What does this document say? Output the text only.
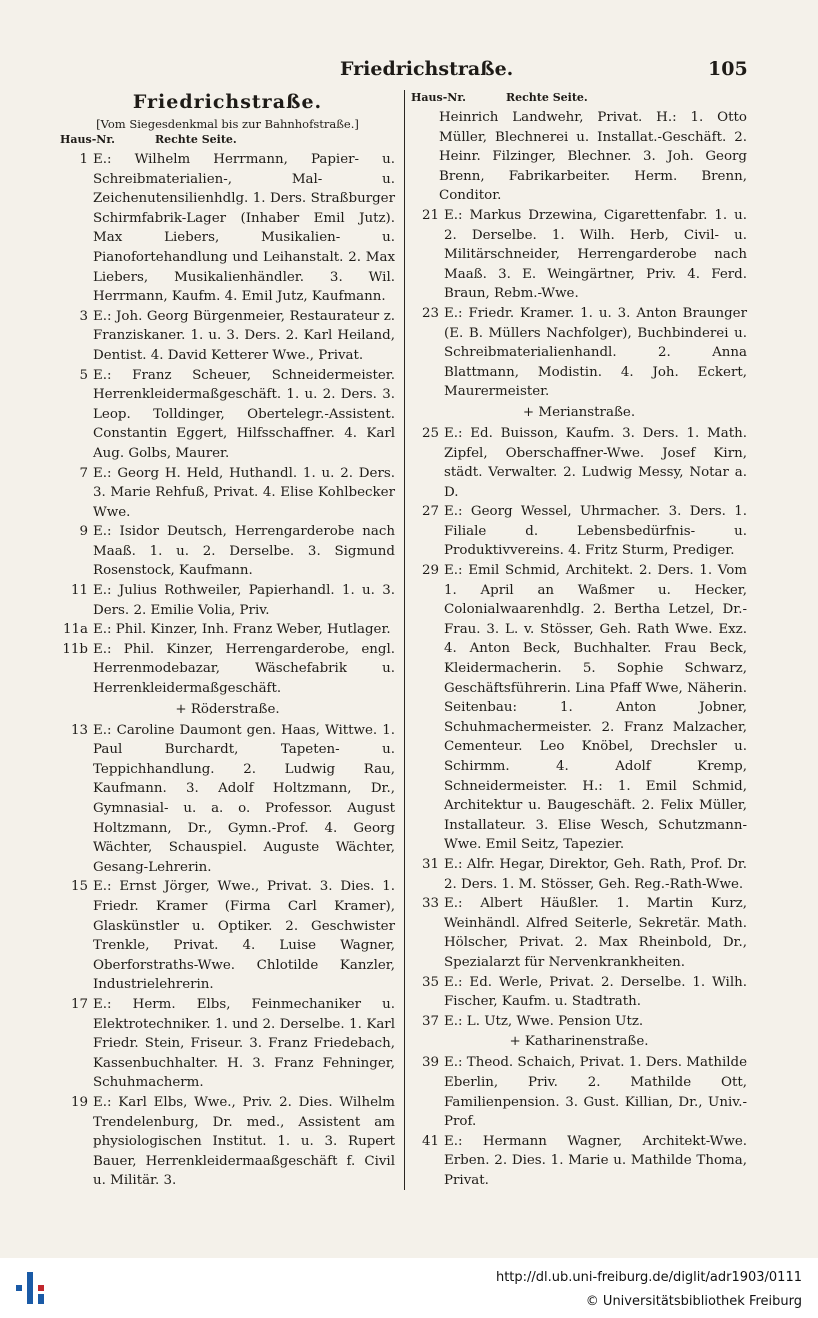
Friedrichstraße.	105
Friedrichstraße.
[Vom Siegesdenkmal bis zur Bahnhofstraße.]
Haus-Nr.	Rechte Seite.
1 E.: Wilhelm Herrmann, Papier- u. Schreibmaterialien-, Mal- u. Zeichenutensilienhdlg. 1. Ders. Straßburger Schirmfabrik-Lager (Inhaber Emil Jutz). Max Liebers, Musikalien- u. Pianofortehandlung und Leihanstalt. 2. Max Liebers, Musikalienhändler. 3. Wil. Herrmann, Kaufm. 4. Emil Jutz, Kaufmann.
3 E.: Joh. Georg Bürgenmeier, Restaurateur z. Franziskaner. 1. u. 3. Ders. 2. Karl Heiland, Dentist. 4. David Ketterer Wwe., Privat.
5 E.: Franz Scheuer, Schneidermeister. Herrenkleidermaßgeschäft. 1. u. 2. Ders. 3. Leop. Tolldinger, Obertelegr.-Assistent. Constantin Eggert, Hilfsschaffner. 4. Karl Aug. Golbs, Maurer.
7 E.: Georg H. Held, Huthandl. 1. u. 2. Ders. 3. Marie Rehfuß, Privat. 4. Elise Kohlbecker Wwe.
9 E.: Isidor Deutsch, Herrengarderobe nach Maaß. 1. u. 2. Derselbe. 3. Sigmund Rosenstock, Kaufmann.
11 E.: Julius Rothweiler, Papierhandl. 1. u. 3. Ders. 2. Emilie Volia, Priv.
11a E.: Phil. Kinzer, Inh. Franz Weber, Hutlager.
11b E.: Phil. Kinzer, Herrengarderobe, engl. Herrenmodebazar, Wäschefabrik u. Herrenkleidermaßgeschäft.
+ Röderstraße.
13 E.: Caroline Daumont gen. Haas, Wittwe. 1. Paul Burchardt, Tapeten- u. Teppichhandlung. 2. Ludwig Rau, Kaufmann. 3. Adolf Holtzmann, Dr., Gymnasial- u. a. o. Professor. August Holtzmann, Dr., Gymn.-Prof. 4. Georg Wächter, Schauspiel. Auguste Wächter, Gesang-Lehrerin.
15 E.: Ernst Jörger, Wwe., Privat. 3. Dies. 1. Friedr. Kramer (Firma Carl Kramer), Glaskünstler u. Optiker. 2. Geschwister Trenkle, Privat. 4. Luise Wagner, Oberforstraths-Wwe. Chlotilde Kanzler, Industrielehrerin.
17 E.: Herm. Elbs, Feinmechaniker u. Elektrotechniker. 1. und 2. Derselbe. 1. Karl Friedr. Stein, Friseur. 3. Franz Friedebach, Kassenbuchhalter. H. 3. Franz Fehninger, Schuhmacherm.
19 E.: Karl Elbs, Wwe., Priv. 2. Dies. Wilhelm Trendelenburg, Dr. med., Assistent am physiologischen Institut. 1. u. 3. Rupert Bauer, Herrenkleidermaaßgeschäft f. Civil u. Militär. 3.
Haus-Nr.	Rechte Seite.
Heinrich Landwehr, Privat. H.: 1. Otto Müller, Blechnerei u. Installat.-Geschäft. 2. Heinr. Filzinger, Blechner. 3. Joh. Georg Brenn, Fabrikarbeiter. Herm. Brenn, Conditor.
21 E.: Markus Drzewina, Cigarettenfabr. 1. u. 2. Derselbe. 1. Wilh. Herb, Civil- u. Militärschneider, Herrengarderobe nach Maaß. 3. E. Weingärtner, Priv. 4. Ferd. Braun, Rebm.-Wwe.
23 E.: Friedr. Kramer. 1. u. 3. Anton Braunger (E. B. Müllers Nachfolger), Buchbinderei u. Schreibmaterialienhandl. 2. Anna Blattmann, Modistin. 4. Joh. Eckert, Maurermeister.
+ Merianstraße.
25 E.: Ed. Buisson, Kaufm. 3. Ders. 1. Math. Zipfel, Oberschaffner-Wwe. Josef Kirn, städt. Verwalter. 2. Ludwig Messy, Notar a. D.
27 E.: Georg Wessel, Uhrmacher. 3. Ders. 1. Filiale d. Lebensbedürfnis- u. Produktivvereins. 4. Fritz Sturm, Prediger.
29 E.: Emil Schmid, Architekt. 2. Ders. 1. Vom 1. April an Waßmer u. Hecker, Colonialwaarenhdlg. 2. Bertha Letzel, Dr.-Frau. 3. L. v. Stösser, Geh. Rath Wwe. Exz. 4. Anton Beck, Buchhalter. Frau Beck, Kleidermacherin. 5. Sophie Schwarz, Geschäftsführerin. Lina Pfaff Wwe, Näherin. Seitenbau: 1. Anton Jobner, Schuhmachermeister. 2. Franz Malzacher, Cementeur. Leo Knöbel, Drechsler u. Schirmm. 4. Adolf Kremp, Schneidermeister. H.: 1. Emil Schmid, Architektur u. Baugeschäft. 2. Felix Müller, Installateur. 3. Elise Wesch, Schutzmann-Wwe. Emil Seitz, Tapezier.
31 E.: Alfr. Hegar, Direktor, Geh. Rath, Prof. Dr. 2. Ders. 1. M. Stösser, Geh. Reg.-Rath-Wwe.
33 E.: Albert Häußler. 1. Martin Kurz, Weinhändl. Alfred Seiterle, Sekretär. Math. Hölscher, Privat. 2. Max Rheinbold, Dr., Spezialarzt für Nervenkrankheiten.
35 E.: Ed. Werle, Privat. 2. Derselbe. 1. Wilh. Fischer, Kaufm. u. Stadtrath.
37 E.: L. Utz, Wwe. Pension Utz.
+ Katharinenstraße.
39 E.: Theod. Schaich, Privat. 1. Ders. Mathilde Eberlin, Priv. 2. Mathilde Ott, Familienpension. 3. Gust. Killian, Dr., Univ.-Prof.
41 E.: Hermann Wagner, Architekt-Wwe. Erben. 2. Dies. 1. Marie u. Mathilde Thoma, Privat.
http://dl.ub.uni-freiburg.de/diglit/adr1903/0111
© Universitätsbibliothek Freiburg
